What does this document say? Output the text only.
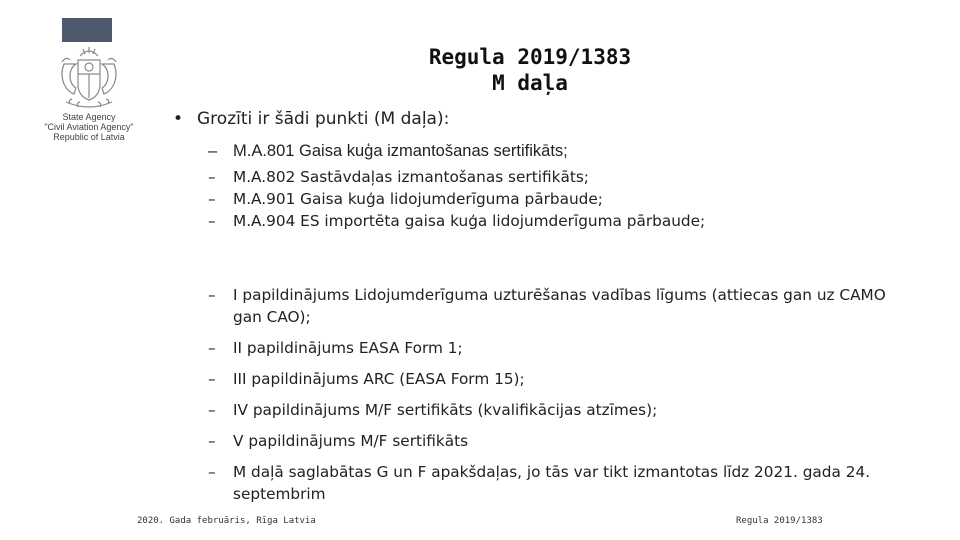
State Agency
"Civil Aviation Agency"
Republic of Latvia
Regula 2019/1383
M daļa
• Grozīti ir šādi punkti (M daļa):
– M.A.801 Gaisa kuģa izmantošanas sertifikāts;
– M.A.802 Sastāvdaļas izmantošanas sertifikāts;
– M.A.901 Gaisa kuģa lidojumderīguma pārbaude;
– M.A.904 ES importēta gaisa kuģa lidojumderīguma pārbaude;
– I papildinājums Lidojumderīguma uzturēšanas vadības līgums (attiecas gan uz CAMO gan CAO);
– II papildinājums EASA Form 1;
– III papildinājums ARC (EASA Form 15);
– IV papildinājums M/F sertifikāts (kvalifikācijas atzīmes);
– V papildinājums M/F sertifikāts
– M daļā saglabātas G un F apakšdaļas, jo tās var tikt izmantotas līdz 2021. gada 24. septembrim
2020. Gada februāris, Rīga Latvia	Regula 2019/1383
